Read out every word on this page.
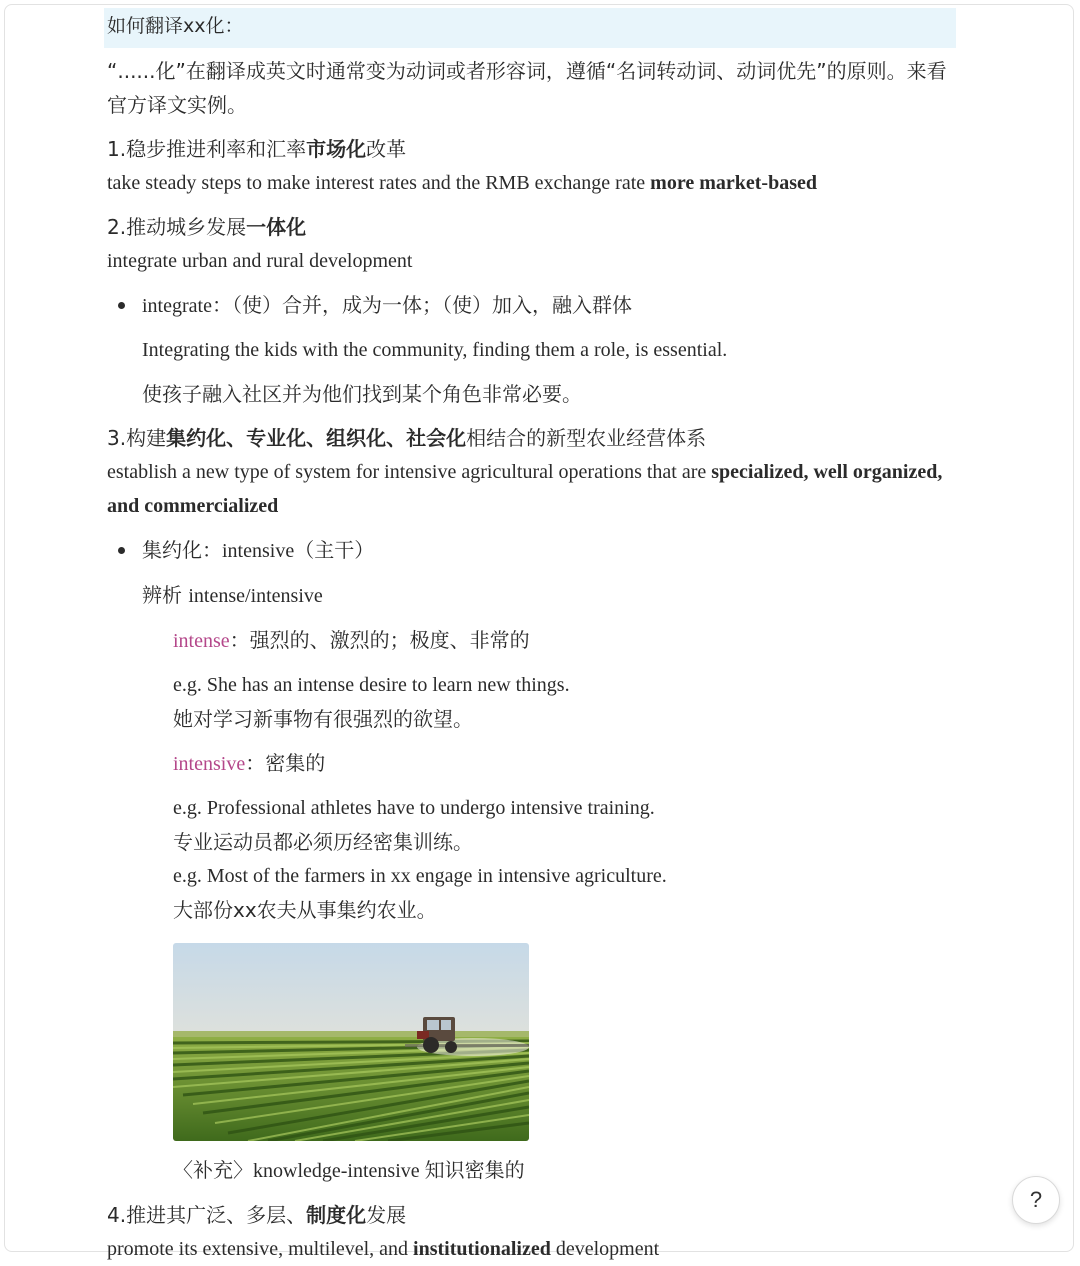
如何翻译xx化：
“......化”在翻译成英文时通常变为动词或者形容词，遵循“名词转动词、动词优先”的原则。来看官方译文实例。
1.稳步推进利率和汇率市场化改革
take steady steps to make interest rates and the RMB exchange rate more market-based
2.推动城乡发展一体化
integrate urban and rural development
integrate：（使）合并，成为一体；（使）加入，融入群体
Integrating the kids with the community, finding them a role, is essential.
使孩子融入社区并为他们找到某个角色非常必要。
3.构建集约化、专业化、组织化、社会化相结合的新型农业经营体系
establish a new type of system for intensive agricultural operations that are specialized, well organized, and commercialized
集约化：intensive（主干）
辨析 intense/intensive
intense：强烈的、激烈的；极度、非常的
e.g. She has an intense desire to learn new things.
她对学习新事物有很强烈的欲望。
intensive：密集的
e.g. Professional athletes have to undergo intensive training.
专业运动员都必须历经密集训练。
e.g. Most of the farmers in xx engage in intensive agriculture.
大部份xx农夫从事集约农业。
〈补充〉knowledge-intensive 知识密集的
4.推进其广泛、多层、制度化发展
promote its extensive, multilevel, and institutionalized development
?
